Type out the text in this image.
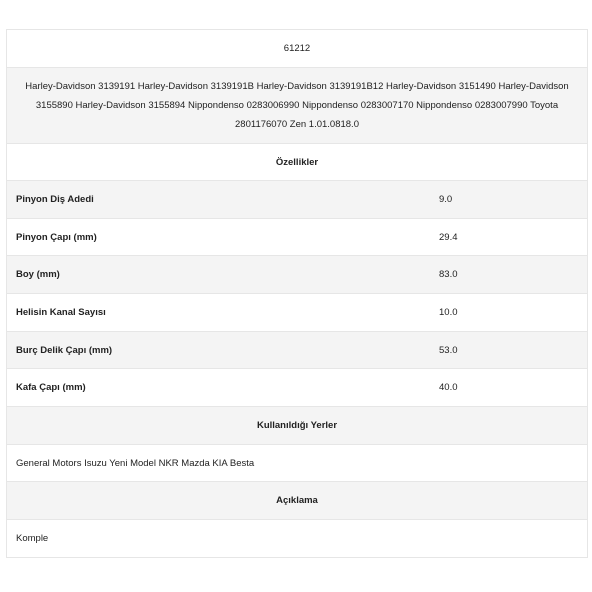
61212
Harley-Davidson 3139191 Harley-Davidson 3139191B Harley-Davidson 3139191B12 Harley-Davidson 3151490 Harley-Davidson 3155890 Harley-Davidson 3155894 Nippondenso 0283006990 Nippondenso 0283007170 Nippondenso 0283007990 Toyota 2801176070 Zen 1.01.0818.0
Özellikler
Pinyon Diş Adedi	9.0
Pinyon Çapı (mm)	29.4
Boy (mm)	83.0
Helisin Kanal Sayısı	10.0
Burç Delik Çapı (mm)	53.0
Kafa Çapı (mm)	40.0
Kullanıldığı Yerler
General Motors Isuzu Yeni Model NKR Mazda KIA Besta
Açıklama
Komple
